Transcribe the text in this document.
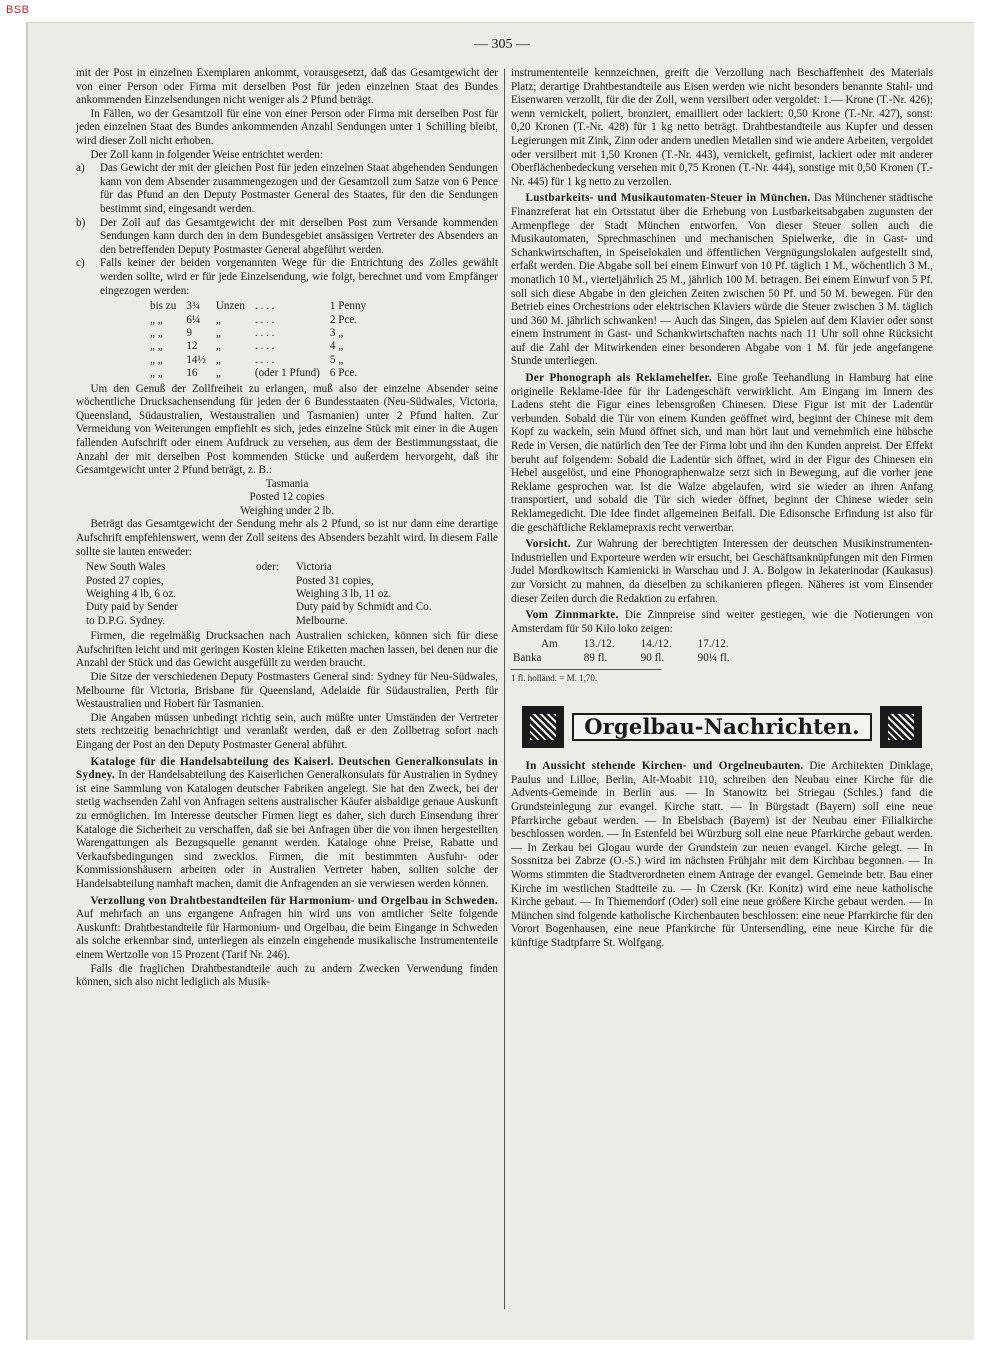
BSB
— 305 —

mit der Post in einzelnen Exemplaren ankommt, vorausgesetzt, daß das Gesamtgewicht der von einer Person oder Firma mit derselben Post für jeden einzelnen Staat des Bundes ankommenden Einzelsendungen nicht weniger als 2 Pfund beträgt.

In Fällen, wo der Gesamtzoll für eine von einer Person oder Firma mit derselben Post für jeden einzelnen Staat des Bundes ankommenden Anzahl Sendungen unter 1 Schilling bleibt, wird dieser Zoll nicht erhoben.

Der Zoll kann in folgender Weise entrichtet werden:

a)	Das Gewicht der mit der gleichen Post für jeden einzelnen Staat abgehenden Sendungen kann von dem Absender zusammengezogen und der Gesamtzoll zum Satze von 6 Pence für das Pfund an den Deputy Postmaster General des Staates, für den die Sendungen bestimmt sind, eingesandt werden.
b)	Der Zoll auf das Gesamtgewicht der mit derselben Post zum Versande kommenden Sendungen kann durch den in dem Bundesgebiet ansässigen Vertreter des Absenders an den betreffenden Deputy Postmaster General abgeführt werden.
c)	Falls keiner der beiden vorgenannten Wege für die Entrichtung des Zolles gewählt werden sollte, wird er für jede Einzelsendung, wie folgt, berechnet und vom Empfänger eingezogen werden:
bis zu	3¾	Unzen	. . . .	1 Penny
„ „	6¼	„	. . . .	2 Pce.
„ „	9	„	. . . .	3 „
„ „	12	„	. . . .	4 „
„ „	14½	„	. . . .	5 „
„ „	16	„	(oder 1 Pfund)	6 Pce.

Um den Genuß der Zollfreiheit zu erlangen, muß also der einzelne Absender seine wöchentliche Drucksachensendung für jeden der 6 Bundesstaaten (Neu-Südwales, Victoria, Queensland, Südaustralien, Westaustralien und Tasmanien) unter 2 Pfund halten. Zur Vermeidung von Weiterungen empfiehlt es sich, jedes einzelne Stück mit einer in die Augen fallenden Aufschrift oder einem Aufdruck zu versehen, aus dem der Bestimmungsstaat, die Anzahl der mit derselben Post kommenden Stücke und außerdem hervorgeht, daß ihr Gesamtgewicht unter 2 Pfund beträgt, z. B.:

Tasmania

Posted 12 copies

Weighing under 2 lb.

Beträgt das Gesamtgewicht der Sendung mehr als 2 Pfund, so ist nur dann eine derartige Aufschrift empfehlenswert, wenn der Zoll seitens des Absenders bezahlt wird. In diesem Falle sollte sie lauten entweder:

New South Wales	oder:	Victoria
Posted 27 copies,		Posted 31 copies,
Weighing 4 lb, 6 oz.		Weighing 3 lb, 11 oz.
Duty paid by Sender		Duty paid by Schmidt and Co.
to D.P.G. Sydney.		Melbourne.

Firmen, die regelmäßig Drucksachen nach Australien schicken, können sich für diese Aufschriften leicht und mit geringen Kosten kleine Etiketten machen lassen, bei denen nur die Anzahl der Stück und das Gewicht ausgefüllt zu werden braucht.

Die Sitze der verschiedenen Deputy Postmasters General sind: Sydney für Neu-Südwales, Melbourne für Victoria, Brisbane für Queensland, Adelaide für Südaustralien, Perth für Westaustralien und Hobert für Tasmanien.

Die Angaben müssen unbedingt richtig sein, auch müßte unter Umständen der Vertreter stets rechtzeitig benachrichtigt und veranlaßt werden, daß er den Zollbetrag sofort nach Eingang der Post an den Deputy Postmaster General abführt.

Kataloge für die Handelsabteilung des Kaiserl. Deutschen Generalkonsulats in Sydney. In der Handelsabteilung des Kaiserlichen Generalkonsulats für Australien in Sydney ist eine Sammlung von Katalogen deutscher Fabriken angelegt. Sie hat den Zweck, bei der stetig wachsenden Zahl von Anfragen seitens australischer Käufer alsbaldige genaue Auskunft zu ermöglichen. Im Interesse deutscher Firmen liegt es daher, sich durch Einsendung ihrer Kataloge die Sicherheit zu verschaffen, daß sie bei Anfragen über die von ihnen hergestellten Warengattungen als Bezugsquelle genannt werden. Kataloge ohne Preise, Rabatte und Verkaufsbedingungen sind zwecklos. Firmen, die mit bestimmten Ausfuhr- oder Kommissionshäusern arbeiten oder in Australien Vertreter haben, sollten solche der Handelsabteilung namhaft machen, damit die Anfragenden an sie verwiesen werden können.

Verzollung von Drahtbestandteilen für Harmonium- und Orgelbau in Schweden. Auf mehrfach an uns ergangene Anfragen hin wird uns von amtlicher Seite folgende Auskunft: Drahtbestandteile für Harmonium- und Orgelbau, die beim Eingange in Schweden als solche erkennbar sind, unterliegen als einzeln eingehende musikalische Instrumententeile einem Wertzolle von 15 Prozent (Tarif Nr. 246).

Falls die fraglichen Drahtbestandteile auch zu andern Zwecken Verwendung finden können, sich also nicht lediglich als Musik-

instrumententeile kennzeichnen, greift die Verzollung nach Beschaffenheit des Materials Platz; derartige Drahtbestandteile aus Eisen werden wie nicht besonders benannte Stahl- und Eisenwaren verzollt, für die der Zoll, wenn versilbert oder vergoldet: 1.— Krone (T.-Nr. 426); wenn vernickelt, poliert, bronziert, emailliert oder lackiert: 0,50 Krone (T.-Nr. 427), sonst: 0,20 Kronen (T.-Nr. 428) für 1 kg netto beträgt. Drahtbestandteile aus Kupfer und dessen Legierungen mit Zink, Zinn oder andern unedlen Metallen sind wie andere Arbeiten, vergoldet oder versilbert mit 1,50 Kronen (T.-Nr. 443), vernickelt, gefirnist, lackiert oder mit anderer Oberflächenbedeckung versehen mit 0,75 Kronen (T.-Nr. 444), sonstige mit 0,50 Kronen (T.-Nr. 445) für 1 kg netto zu verzollen.

Lustbarkeits- und Musikautomaten-Steuer in München. Das Münchener städtische Finanzreferat hat ein Ortsstatut über die Erhebung von Lustbarkeitsabgaben zugunsten der Armenpflege der Stadt München entworfen. Von dieser Steuer sollen auch die Musikautomaten, Sprechmaschinen und mechanischen Spielwerke, die in Gast- und Schankwirtschaften, in Speiselokalen und öffentlichen Vergnügungslokalen aufgestellt sind, erfaßt werden. Die Abgabe soll bei einem Einwurf von 10 Pf. täglich 1 M., wöchentlich 3 M., monatlich 10 M., vierteljährlich 25 M., jährlich 100 M. betragen. Bei einem Einwurf von 5 Pf. soll sich diese Abgabe in den gleichen Zeiten zwischen 50 Pf. und 50 M. bewegen. Für den Betrieb eines Orchestrions oder elektrischen Klaviers würde die Steuer zwischen 3 M. täglich und 360 M. jährlich schwanken! — Auch das Singen, das Spielen auf dem Klavier oder sonst einem Instrument in Gast- und Schankwirtschaften nachts nach 11 Uhr soll ohne Rücksicht auf die Zahl der Mitwirkenden einer besonderen Abgabe von 1 M. für jede angefangene Stunde unterliegen.

Der Phonograph als Reklamehelfer. Eine große Teehandlung in Hamburg hat eine originelle Reklame-Idee für ihr Ladengeschäft verwirklicht. Am Eingang im Innern des Ladens steht die Figur eines lebensgroßen Chinesen. Diese Figur ist mit der Ladentür verbunden. Sobald die Tür von einem Kunden geöffnet wird, beginnt der Chinese mit dem Kopf zu wackeln, sein Mund öffnet sich, und man hört laut und vernehmlich eine hübsche Rede in Versen, die natürlich den Tee der Firma lobt und ihn den Kunden anpreist. Der Effekt beruht auf folgendem: Sobald die Ladentür sich öffnet, wird in der Figur des Chinesen ein Hebel ausgelöst, und eine Phonographenwalze setzt sich in Bewegung, auf die vorher jene Reklame gesprochen war. Ist die Walze abgelaufen, wird sie wieder an ihren Anfang transportiert, und sobald die Tür sich wieder öffnet, beginnt der Chinese wieder sein Reklamegedicht. Die Idee findet allgemeinen Beifall. Die Edisonsche Erfindung ist also für die geschäftliche Reklamepraxis recht verwertbar.

Vorsicht. Zur Wahrung der berechtigten Interessen der deutschen Musikinstrumenten-Industriellen und Exporteure werden wir ersucht, bei Geschäftsanknüpfungen mit den Firmen Judel Mordkowitsch Kamienicki in Warschau und J. A. Bolgow in Jekaterinodar (Kaukasus) zur Vorsicht zu mahnen, da dieselben zu schikanieren pflegen. Näheres ist vom Einsender dieser Zeilen durch die Redaktion zu erfahren.

Vom Zinnmarkte. Die Zinnpreise sind weiter gestiegen, wie die Notierungen von Amsterdam für 50 Kilo loko zeigen:

Am	13./12.	14./12.	17./12.
Banka	89 fl.	90 fl.	90¼ fl.
1 fl. holländ. = M. 1,70.
Orgelbau-Nachrichten.

In Aussicht stehende Kirchen- und Orgelneubauten. Die Architekten Dinklage, Paulus und Lilloe, Berlin, Alt-Moabit 110, schreiben den Neubau einer Kirche für die Advents-Gemeinde in Berlin aus. — In Stanowitz bei Striegau (Schles.) fand die Grundsteinlegung zur evangel. Kirche statt. — In Bürgstadt (Bayern) soll eine neue Pfarrkirche gebaut werden. — In Ebelsbach (Bayern) ist der Neubau einer Filialkirche beschlossen worden. — In Estenfeld bei Würzburg soll eine neue Pfarrkirche gebaut werden. — In Zerkau bei Glogau wurde der Grundstein zur neuen evangel. Kirche gelegt. — In Sossnitza bei Zabrze (O.-S.) wird im nächsten Frühjahr mit dem Kirchbau begonnen. — In Worms stimmten die Stadtverordneten einem Antrage der evangel. Gemeinde betr. Bau einer Kirche im westlichen Stadtteile zu. — In Czersk (Kr. Konitz) wird eine neue katholische Kirche gebaut. — In Thiemendorf (Oder) soll eine neue größere Kirche gebaut werden. — In München sind folgende katholische Kirchenbauten beschlossen: eine neue Pfarrkirche für den Vorort Bogenhausen, eine neue Pfarrkirche für Untersendling, eine neue Kirche für die künftige Stadtpfarre St. Wolfgang.
